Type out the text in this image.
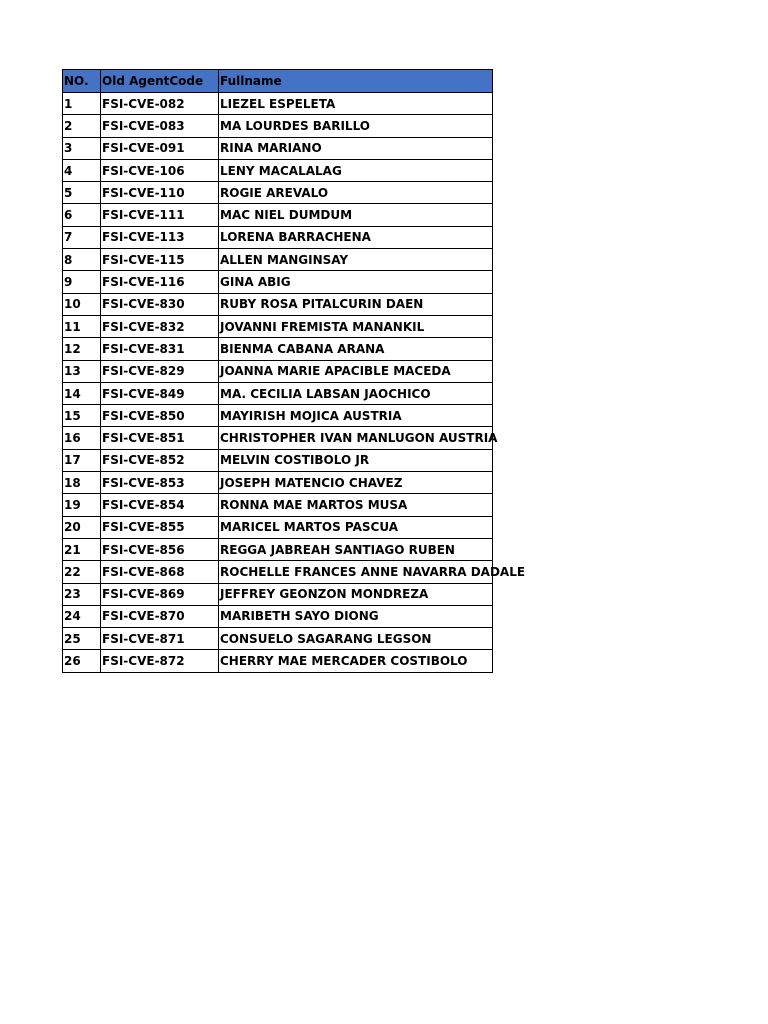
NO.	Old AgentCode	Fullname
1	FSI-CVE-082	LIEZEL ESPELETA
2	FSI-CVE-083	MA LOURDES BARILLO
3	FSI-CVE-091	RINA MARIANO
4	FSI-CVE-106	LENY MACALALAG
5	FSI-CVE-110	ROGIE AREVALO
6	FSI-CVE-111	MAC NIEL DUMDUM
7	FSI-CVE-113	LORENA BARRACHENA
8	FSI-CVE-115	ALLEN MANGINSAY
9	FSI-CVE-116	GINA ABIG
10	FSI-CVE-830	RUBY ROSA PITALCURIN DAEN
11	FSI-CVE-832	JOVANNI FREMISTA MANANKIL
12	FSI-CVE-831	BIENMA CABANA ARANA
13	FSI-CVE-829	JOANNA MARIE APACIBLE MACEDA
14	FSI-CVE-849	MA. CECILIA LABSAN JAOCHICO
15	FSI-CVE-850	MAYIRISH MOJICA AUSTRIA
16	FSI-CVE-851	CHRISTOPHER IVAN MANLUGON AUSTRIA
17	FSI-CVE-852	MELVIN COSTIBOLO JR
18	FSI-CVE-853	JOSEPH MATENCIO CHAVEZ
19	FSI-CVE-854	RONNA MAE MARTOS MUSA
20	FSI-CVE-855	MARICEL MARTOS PASCUA
21	FSI-CVE-856	REGGA JABREAH SANTIAGO RUBEN
22	FSI-CVE-868	ROCHELLE FRANCES ANNE NAVARRA DADALE
23	FSI-CVE-869	JEFFREY GEONZON MONDREZA
24	FSI-CVE-870	MARIBETH SAYO DIONG
25	FSI-CVE-871	CONSUELO SAGARANG LEGSON
26	FSI-CVE-872	CHERRY MAE MERCADER COSTIBOLO
